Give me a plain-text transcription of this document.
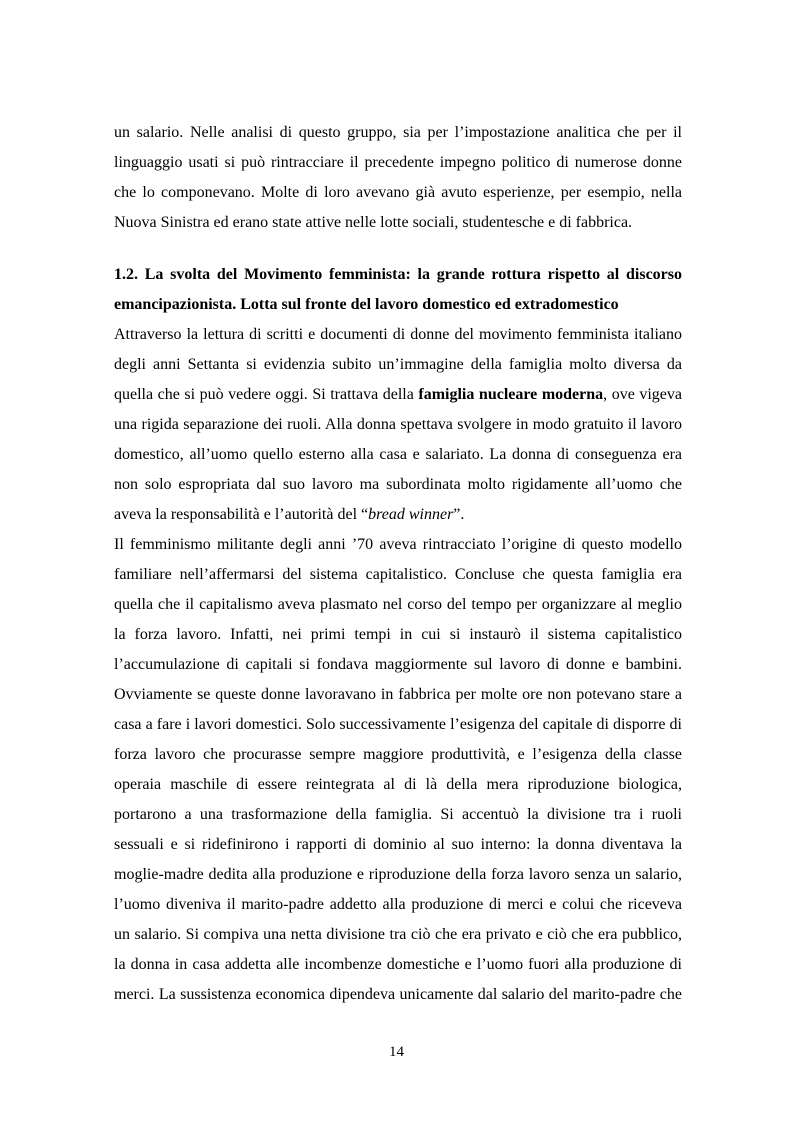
un salario. Nelle analisi di questo gruppo, sia per l’impostazione analitica che per il
linguaggio usati si può rintracciare il precedente impegno politico di numerose donne
che lo componevano. Molte di loro avevano già avuto esperienze, per esempio, nella
Nuova Sinistra ed erano state attive nelle lotte sociali, studentesche e di fabbrica.
1.2. La svolta del Movimento femminista: la grande rottura rispetto al discorso
emancipazionista. Lotta sul fronte del lavoro domestico ed extradomestico
Attraverso la lettura di scritti e documenti di donne del movimento femminista italiano
degli anni Settanta si evidenzia subito un’immagine della famiglia molto diversa da
quella che si può vedere oggi. Si trattava della famiglia nucleare moderna, ove vigeva
una rigida separazione dei ruoli. Alla donna spettava svolgere in modo gratuito il lavoro
domestico, all’uomo quello esterno alla casa e salariato. La donna di conseguenza era
non solo espropriata dal suo lavoro ma subordinata molto rigidamente all’uomo che
aveva la responsabilità e l’autorità del “bread winner”.
Il femminismo militante degli anni ’70 aveva rintracciato l’origine di questo modello
familiare nell’affermarsi del sistema capitalistico. Concluse che questa famiglia era
quella che il capitalismo aveva plasmato nel corso del tempo per organizzare al meglio
la forza lavoro. Infatti, nei primi tempi in cui si instaurò il sistema capitalistico
l’accumulazione di capitali si fondava maggiormente sul lavoro di donne e bambini.
Ovviamente se queste donne lavoravano in fabbrica per molte ore non potevano stare a
casa a fare i lavori domestici. Solo successivamente l’esigenza del capitale di disporre di
forza lavoro che procurasse sempre maggiore produttività, e l’esigenza della classe
operaia maschile di essere reintegrata al di là della mera riproduzione biologica,
portarono a una trasformazione della famiglia. Si accentuò la divisione tra i ruoli
sessuali e si ridefinirono i rapporti di dominio al suo interno: la donna diventava la
moglie-madre dedita alla produzione e riproduzione della forza lavoro senza un salario,
l’uomo diveniva il marito-padre addetto alla produzione di merci e colui che riceveva
un salario. Si compiva una netta divisione tra ciò che era privato e ciò che era pubblico,
la donna in casa addetta alle incombenze domestiche e l’uomo fuori alla produzione di
merci. La sussistenza economica dipendeva unicamente dal salario del marito-padre che
14
